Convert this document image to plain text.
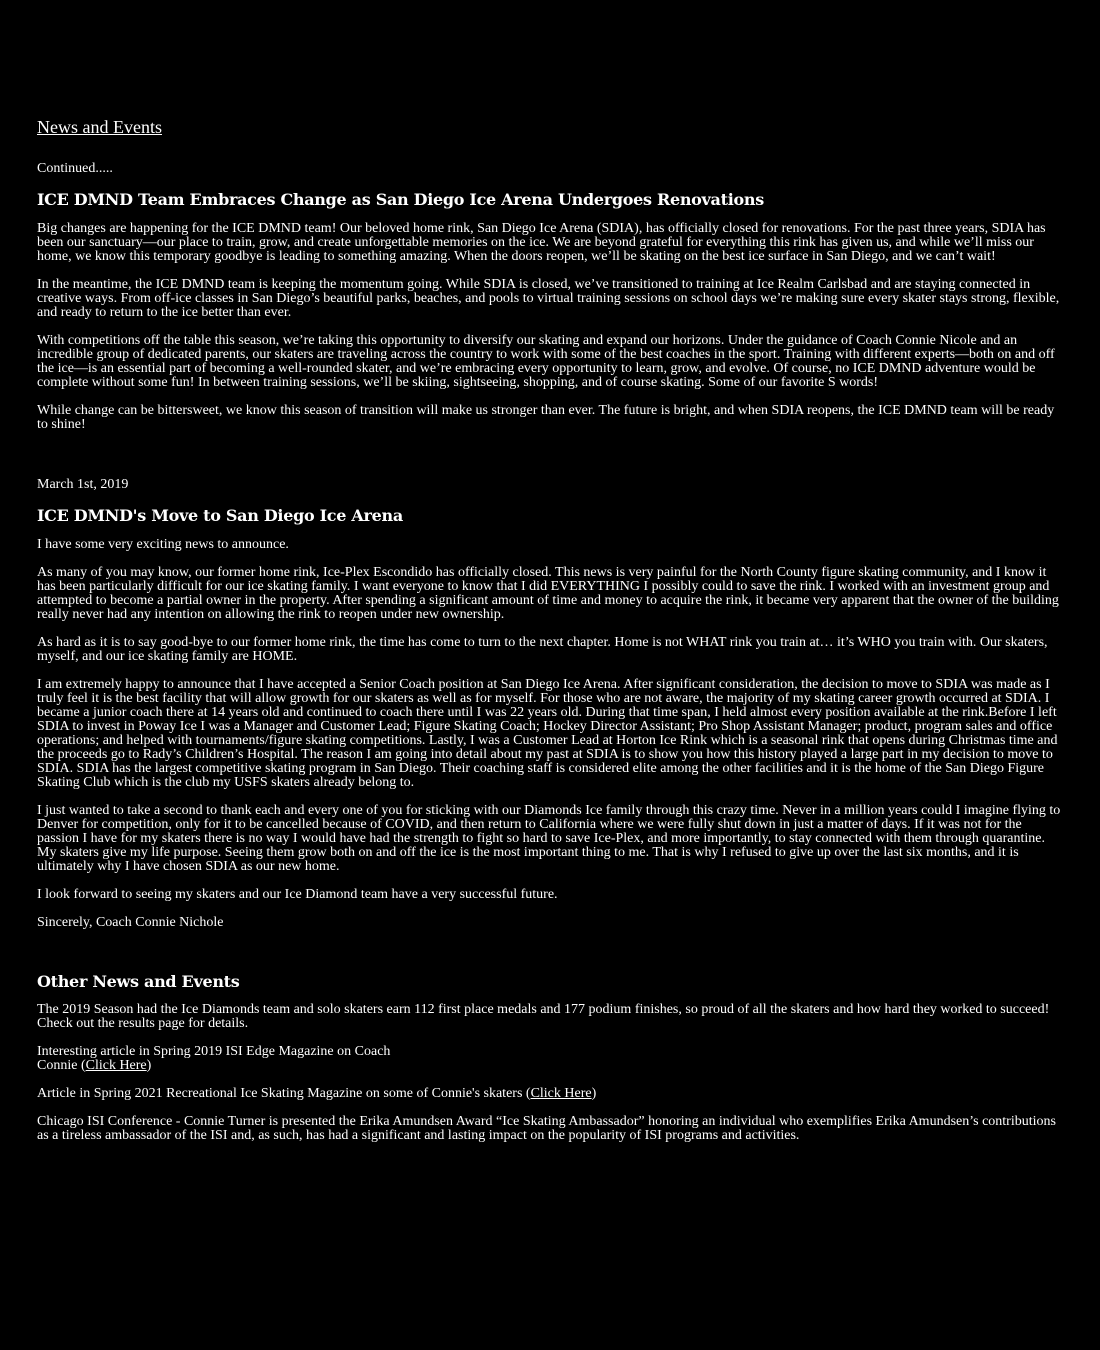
News and Events

Continued.....

ICE DMND Team Embraces Change as San Diego Ice Arena Undergoes Renovations

Big changes are happening for the ICE DMND team! Our beloved home rink, San Diego Ice Arena (SDIA), has officially closed for renovations. For the past three years, SDIA has been our sanctuary—our place to train, grow, and create unforgettable memories on the ice. We are beyond grateful for everything this rink has given us, and while we’ll miss our home, we know this temporary goodbye is leading to something amazing. When the doors reopen, we’ll be skating on the best ice surface in San Diego, and we can’t wait!

In the meantime, the ICE DMND team is keeping the momentum going. While SDIA is closed, we’ve transitioned to training at Ice Realm Carlsbad and are staying connected in creative ways. From off-ice classes in San Diego’s beautiful parks, beaches, and pools to virtual training sessions on school days we’re making sure every skater stays strong, flexible, and ready to return to the ice better than ever.

With competitions off the table this season, we’re taking this opportunity to diversify our skating and expand our horizons. Under the guidance of Coach Connie Nicole and an incredible group of dedicated parents, our skaters are traveling across the country to work with some of the best coaches in the sport. Training with different experts—both on and off the ice—is an essential part of becoming a well-rounded skater, and we’re embracing every opportunity to learn, grow, and evolve. Of course, no ICE DMND adventure would be complete without some fun! In between training sessions, we’ll be skiing, sightseeing, shopping, and of course skating. Some of our favorite S words!

While change can be bittersweet, we know this season of transition will make us stronger than ever. The future is bright, and when SDIA reopens, the ICE DMND team will be ready to shine!

March 1st, 2019

ICE DMND's Move to San Diego Ice Arena

I have some very exciting news to announce.

As many of you may know, our former home rink, Ice-Plex Escondido has officially closed. This news is very painful for the North County figure skating community, and I know it has been particularly difficult for our ice skating family. I want everyone to know that I did EVERYTHING I possibly could to save the rink. I worked with an investment group and attempted to become a partial owner in the property. After spending a significant amount of time and money to acquire the rink, it became very apparent that the owner of the building really never had any intention on allowing the rink to reopen under new ownership.

As hard as it is to say good-bye to our former home rink, the time has come to turn to the next chapter. Home is not WHAT rink you train at… it’s WHO you train with. Our skaters, myself, and our ice skating family are HOME.

I am extremely happy to announce that I have accepted a Senior Coach position at San Diego Ice Arena. After significant consideration, the decision to move to SDIA was made as I truly feel it is the best facility that will allow growth for our skaters as well as for myself. For those who are not aware, the majority of my skating career growth occurred at SDIA. I became a junior coach there at 14 years old and continued to coach there until I was 22 years old. During that time span, I held almost every position available at the rink.Before I left SDIA to invest in Poway Ice I was a Manager and Customer Lead; Figure Skating Coach; Hockey Director Assistant; Pro Shop Assistant Manager; product, program sales and office operations; and helped with tournaments/figure skating competitions. Lastly, I was a Customer Lead at Horton Ice Rink which is a seasonal rink that opens during Christmas time and the proceeds go to Rady’s Children’s Hospital. The reason I am going into detail about my past at SDIA is to show you how this history played a large part in my decision to move to SDIA. SDIA has the largest competitive skating program in San Diego. Their coaching staff is considered elite among the other facilities and it is the home of the San Diego Figure Skating Club which is the club my USFS skaters already belong to.

I just wanted to take a second to thank each and every one of you for sticking with our Diamonds Ice family through this crazy time. Never in a million years could I imagine flying to Denver for competition, only for it to be cancelled because of COVID, and then return to California where we were fully shut down in just a matter of days. If it was not for the passion I have for my skaters there is no way I would have had the strength to fight so hard to save Ice-Plex, and more importantly, to stay connected with them through quarantine. My skaters give my life purpose. Seeing them grow both on and off the ice is the most important thing to me. That is why I refused to give up over the last six months, and it is ultimately why I have chosen SDIA as our new home.

I look forward to seeing my skaters and our Ice Diamond team have a very successful future.

Sincerely, Coach Connie Nichole

Other News and Events

The 2019 Season had the Ice Diamonds team and solo skaters earn 112 first place medals and 177 podium finishes, so proud of all the skaters and how hard they worked to succeed! Check out the results page for details.

Interesting article in Spring 2019 ISI Edge Magazine on Coach
Connie (Click Here)

Article in Spring 2021 Recreational Ice Skating Magazine on some of Connie's skaters (Click Here)

Chicago ISI Conference - Connie Turner is presented the Erika Amundsen Award “Ice Skating Ambassador” honoring an individual who exemplifies Erika Amundsen’s contributions as a tireless ambassador of the ISI and, as such, has had a significant and lasting impact on the popularity of ISI programs and activities.
